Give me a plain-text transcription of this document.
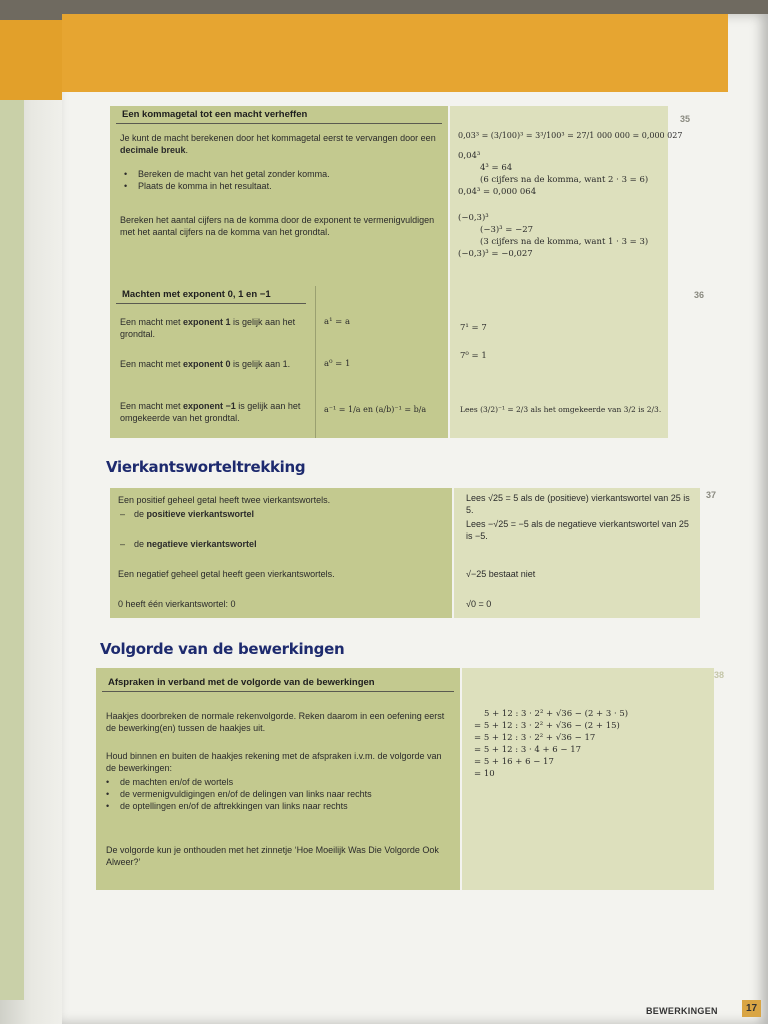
Een kommagetal tot een macht verheffen
Je kunt de macht berekenen door het kommagetal eerst te vervangen door een decimale breuk.
• Bereken de macht van het getal zonder komma.
• Plaats de komma in het resultaat.
Bereken het aantal cijfers na de komma door de exponent te vermenigvuldigen met het aantal cijfers na de komma van het grondtal.
0,03³ = (3/100)³ = 3³/100³ = 27/1 000 000 = 0,000 027
0,04³
4³ = 64
(6 cijfers na de komma, want 2 · 3 = 6)
0,04³ = 0,000 064
(−0,3)³
(−3)³ = −27
(3 cijfers na de komma, want 1 · 3 = 3)
(−0,3)³ = −0,027
35
Machten met exponent 0, 1 en −1
Een macht met exponent 1 is gelijk aan het grondtal.
a¹ = a
Een macht met exponent 0 is gelijk aan 1.	a⁰ = 1
Een macht met exponent −1 is gelijk aan het omgekeerde van het grondtal.
a⁻¹ = 1/a en (a/b)⁻¹ = b/a
7¹ = 7
7⁰ = 1
Lees (3/2)⁻¹ = 2/3 als het omgekeerde van 3/2 is 2/3.
36
Vierkantsworteltrekking
37
Een positief geheel getal heeft twee vierkantswortels.
– de positieve vierkantswortel
– de negatieve vierkantswortel
Een negatief geheel getal heeft geen vierkantswortels.
0 heeft één vierkantswortel: 0
Lees √25 = 5 als de (positieve) vierkantswortel van 25 is 5.
Lees −√25 = −5 als de negatieve vierkantswortel van 25 is −5.
√−25 bestaat niet
√0 = 0
Volgorde van de bewerkingen
38
Afspraken in verband met de volgorde van de bewerkingen
Haakjes doorbreken de normale rekenvolgorde. Reken daarom in een oefening eerst de bewerking(en) tussen de haakjes uit.
Houd binnen en buiten de haakjes rekening met de afspraken i.v.m. de volgorde van de bewerkingen:
• de machten en/of de wortels
• de vermenigvuldigingen en/of de delingen van links naar rechts
• de optellingen en/of de aftrekkingen van links naar rechts
De volgorde kun je onthouden met het zinnetje ‘Hoe Moeilijk Was Die Volgorde Ook Alweer?’
5 + 12 : 3 · 2² + √36 − (2 + 3 · 5)
= 5 + 12 : 3 · 2² + √36 − (2 + 15)
= 5 + 12 : 3 · 2² + √36 − 17
= 5 + 12 : 3 · 4 + 6 − 17
= 5 + 16 + 6 − 17
= 10
BEWERKINGEN	17
